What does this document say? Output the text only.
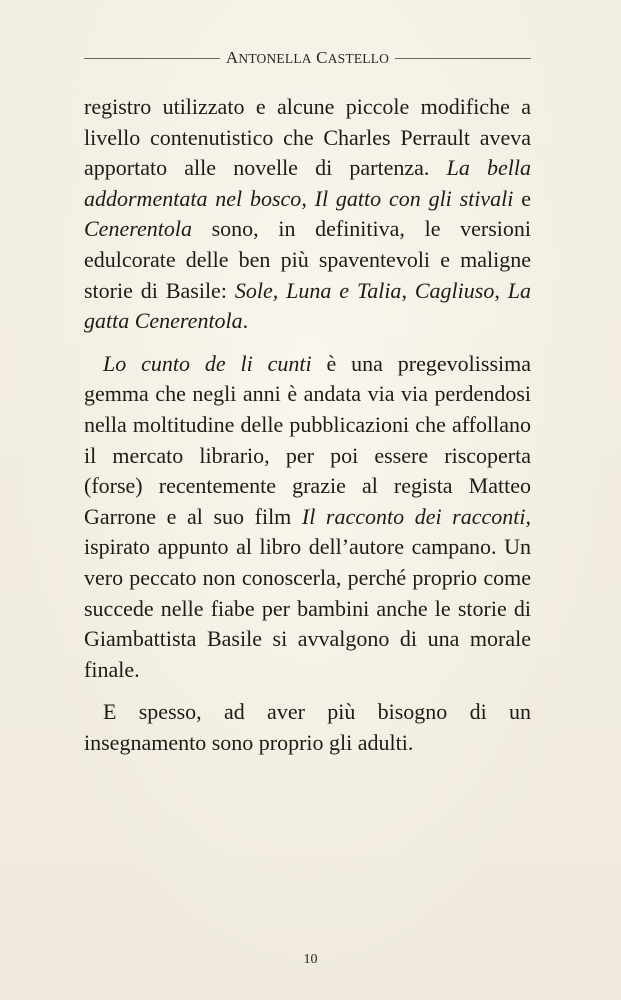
ANTONELLA CASTELLO

registro utilizzato e alcune piccole modifiche a livello contenutistico che Charles Perrault aveva apportato alle novelle di partenza. La bella addormentata nel bosco, Il gatto con gli stivali e Cenerentola sono, in definitiva, le versioni edulcorate delle ben più spaventevoli e maligne storie di Basile: Sole, Luna e Talia, Cagliuso, La gatta Cenerentola.

Lo cunto de li cunti è una pregevolissima gemma che negli anni è andata via via perdendosi nella moltitudine delle pubblicazioni che affollano il mercato librario, per poi essere riscoperta (forse) recentemente grazie al regista Matteo Garrone e al suo film Il racconto dei racconti, ispirato appunto al libro dell’autore campano. Un vero peccato non conoscerla, perché proprio come succede nelle fiabe per bambini anche le storie di Giambattista Basile si avvalgono di una morale finale.

E spesso, ad aver più bisogno di un insegnamento sono proprio gli adulti.

10
